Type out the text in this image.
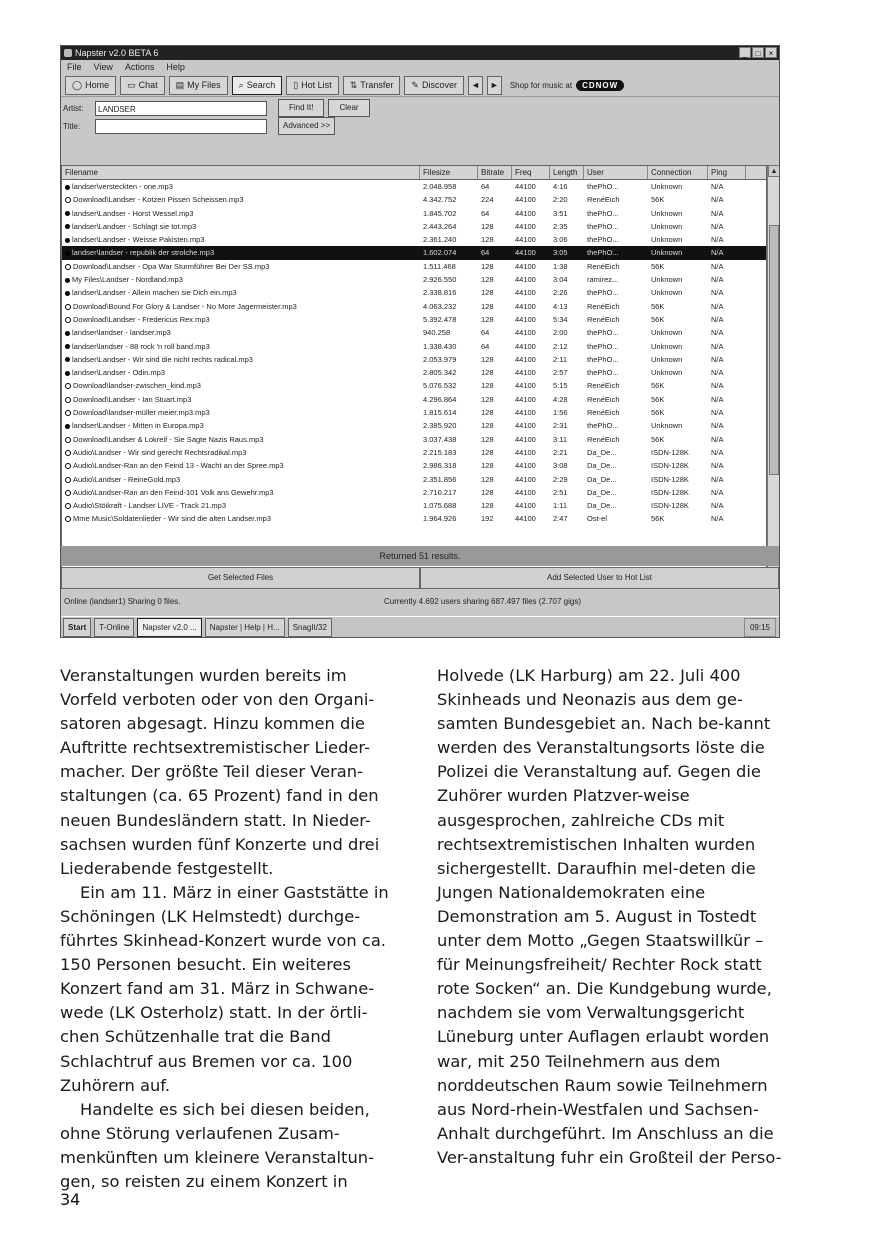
Napster v2.0 BETA 6	_	□	×
File View Actions Help
◯ Home ▭ Chat ▤ My Files ⌕ Search ▯ Hot List ⇅ Transfer ✎ Discover	◄	►	Shop for music at	CDNOW
Artist:	LANDSER	Find It!	Clear
Title:	Advanced >>
Filename	Filesize	Bitrate	Freq	Length	User	Connection	Ping
landser\versteckten - one.mp3	2.048.958	64	44100	4:16	thePhO...	Unknown	N/A
Download\Landser - Kotzen Pissen Scheissen.mp3	4.342.752	224	44100	2:20	RenéEich	56K	N/A
landser\Landser - Horst Wessel.mp3	1.845.702	64	44100	3:51	thePhO...	Unknown	N/A
landser\Landser - Schlagt sie tot.mp3	2.443.264	128	44100	2:35	thePhO...	Unknown	N/A
landser\Landser - Weisse Pakisten.mp3	2.361.240	128	44100	3:06	thePhO...	Unknown	N/A
landser\landser - republik der strolche.mp3	1.602.074	64	44100	3:05	thePhO...	Unknown	N/A
Download\Landser - Opa War Sturmführer Bei Der SS.mp3	1.511.468	128	44100	1:38	RenéEich	56K	N/A
My Files\Landser - Nordland.mp3	2.926.550	128	44100	3:04	ramirez...	Unknown	N/A
landser\Landser - Allein machen sie Dich ein.mp3	2.338.816	128	44100	2:26	thePhO...	Unknown	N/A
Download\Bound For Glory & Landser - No More Jagermeister.mp3	4.063.232	128	44100	4:13	RenéEich	56K	N/A
Download\Landser - Fredericus Rex.mp3	5.392.478	128	44100	5:34	RenéEich	56K	N/A
landser\landser - landser.mp3	940.258	64	44100	2:00	thePhO...	Unknown	N/A
landser\landser - 88 rock 'n roll band.mp3	1.338.430	64	44100	2:12	thePhO...	Unknown	N/A
landser\Landser - Wir sind die nicht rechts radical.mp3	2.053.979	128	44100	2:11	thePhO...	Unknown	N/A
landser\Landser - Odin.mp3	2.805.342	128	44100	2:57	thePhO...	Unknown	N/A
Download\landser-zwischen_kind.mp3	5.076.532	128	44100	5:15	RenéEich	56K	N/A
Download\Landser - Ian Stuart.mp3	4.296.864	128	44100	4:28	RenéEich	56K	N/A
Download\landser-müller meier.mp3.mp3	1.815.614	128	44100	1:56	RenéEich	56K	N/A
landser\Landser - Mitten in Europa.mp3	2.385.920	128	44100	2:31	thePhO...	Unknown	N/A
Download\Landser & Lokreif - Sie Sagte Nazis Raus.mp3	3.037.438	128	44100	3:11	RenéEich	56K	N/A
Audio\Landser - Wir sind gerecht Rechtsradikal.mp3	2.215.183	128	44100	2:21	Da_De...	ISDN-128K	N/A
Audio\Landser-Ran an den Feind 13 - Wacht an der Spree.mp3	2.986.318	128	44100	3:08	Da_De...	ISDN-128K	N/A
Audio\Landser - ReineGold.mp3	2.351.856	128	44100	2:29	Da_De...	ISDN-128K	N/A
Audio\Landser-Ran an den Feind-101 Volk ans Gewehr.mp3	2.710.217	128	44100	2:51	Da_De...	ISDN-128K	N/A
Audio\Stöikraft - Landser LIVE - Track 21.mp3	1.075.688	128	44100	1:11	Da_De...	ISDN-128K	N/A
Mme Music\Soldatenlieder - Wir sind die alten Landser.mp3	1.964.926	192	44100	2:47	Ost-el	56K	N/A
▲
Returned 51 results.
Get Selected Files	Add Selected User to Hot List
Online (landser1) Sharing 0 files.	Currently 4.692 users sharing 687.497 files (2.707 gigs)
Start	T-Online	Napster v2.0 ...	Napster | Help | H...	SnagIt/32	09:15

Veranstaltungen wurden bereits im Vorfeld verboten oder von den Organi-satoren abgesagt. Hinzu kommen die Auftritte rechtsextremistischer Lieder-macher. Der größte Teil dieser Veran-staltungen (ca. 65 Prozent) fand in den neuen Bundesländern statt. In Nieder-sachsen wurden fünf Konzerte und drei Liederabende festgestellt.

Ein am 11. März in einer Gaststätte in Schöningen (LK Helmstedt) durchge-führtes Skinhead-Konzert wurde von ca. 150 Personen besucht. Ein weiteres Konzert fand am 31. März in Schwane-wede (LK Osterholz) statt. In der örtli-chen Schützenhalle trat die Band Schlachtruf aus Bremen vor ca. 100 Zuhörern auf.

Handelte es sich bei diesen beiden, ohne Störung verlaufenen Zusam-menkünften um kleinere Veranstaltun-gen, so reisten zu einem Konzert in

Holvede (LK Harburg) am 22. Juli 400 Skinheads und Neonazis aus dem ge-samten Bundesgebiet an. Nach be-kannt werden des Veranstaltungsorts löste die Polizei die Veranstaltung auf. Gegen die Zuhörer wurden Platzver-weise ausgesprochen, zahlreiche CDs mit rechtsextremistischen Inhalten wurden sichergestellt. Daraufhin mel-deten die Jungen Nationaldemokraten eine Demonstration am 5. August in Tostedt unter dem Motto „Gegen Staatswillkür – für Meinungsfreiheit/ Rechter Rock statt rote Socken“ an. Die Kundgebung wurde, nachdem sie vom Verwaltungsgericht Lüneburg unter Auflagen erlaubt worden war, mit 250 Teilnehmern aus dem norddeutschen Raum sowie Teilnehmern aus Nord-rhein-Westfalen und Sachsen-Anhalt durchgeführt. Im Anschluss an die Ver-anstaltung fuhr ein Großteil der Perso-

34
